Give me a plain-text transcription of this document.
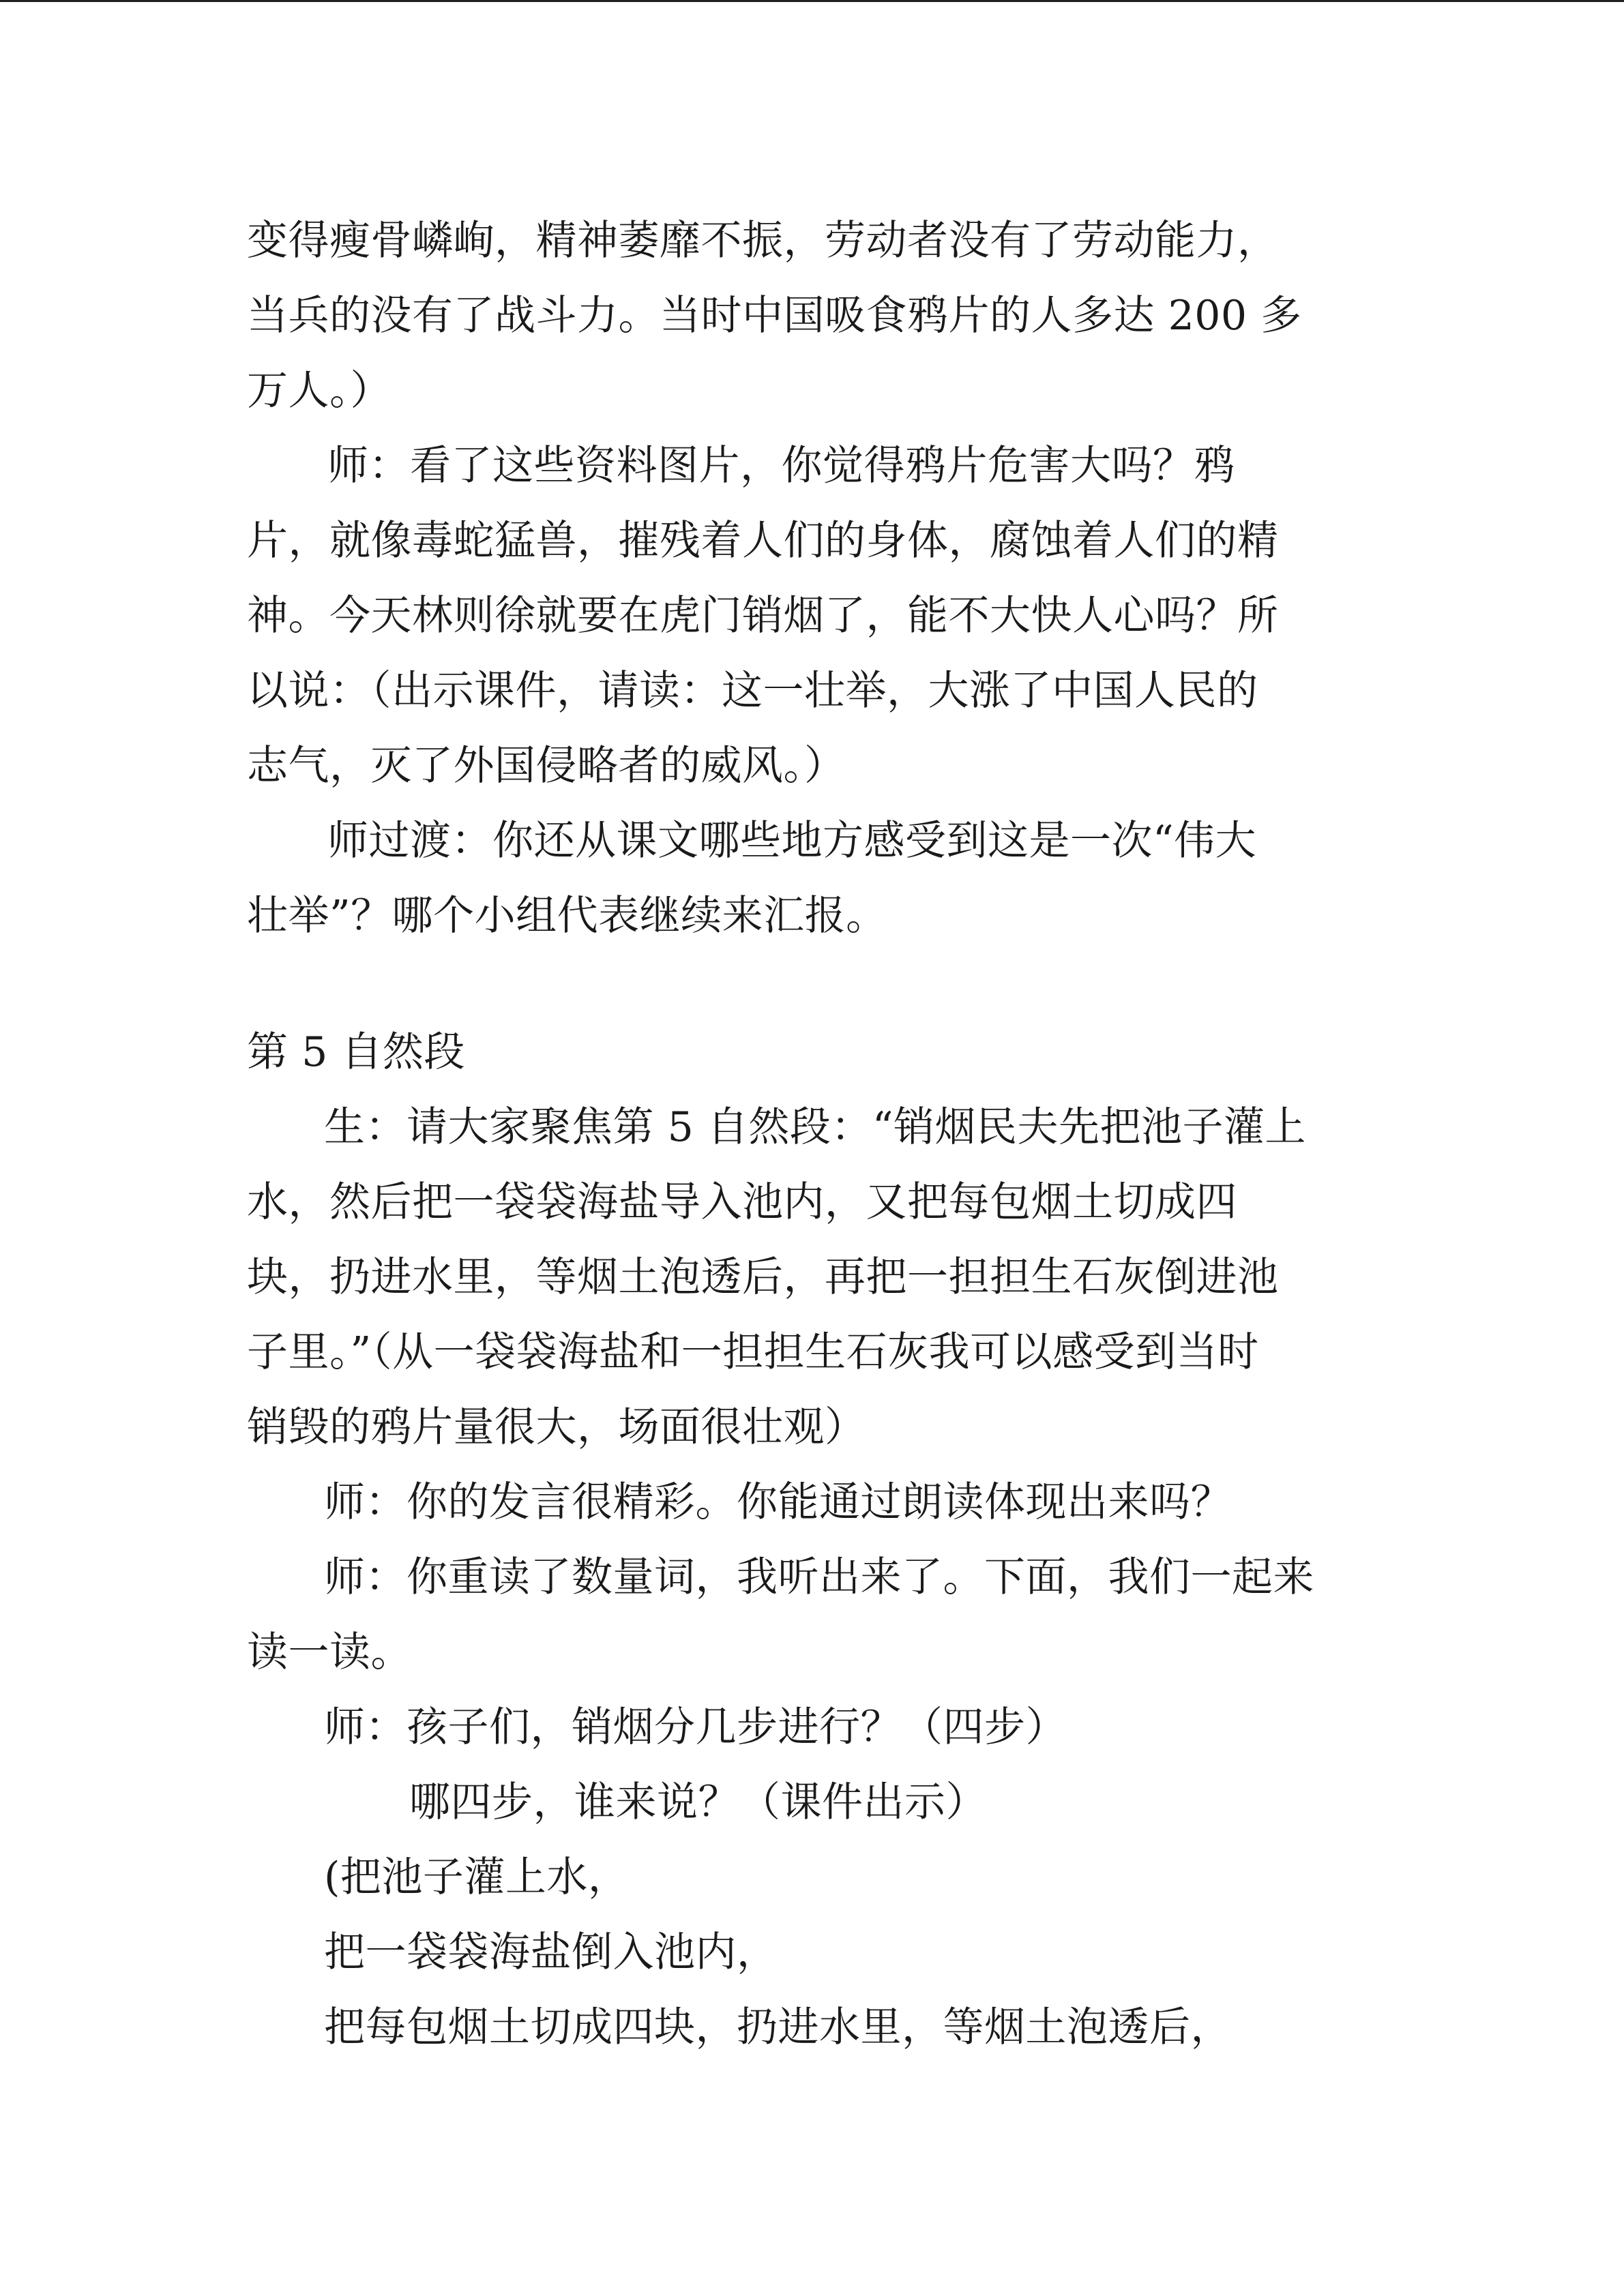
变得瘦骨嶙峋，精神萎靡不振，劳动者没有了劳动能力，
当兵的没有了战斗力。当时中国吸食鸦片的人多达 200 多
万人。）
师：看了这些资料图片，你觉得鸦片危害大吗？鸦
片，就像毒蛇猛兽，摧残着人们的身体，腐蚀着人们的精
神。今天林则徐就要在虎门销烟了，能不大快人心吗？所
以说：（出示课件，请读：这一壮举，大涨了中国人民的
志气，灭了外国侵略者的威风。）
师过渡：你还从课文哪些地方感受到这是一次“伟大
壮举”？哪个小组代表继续来汇报。
第 5 自然段
生：请大家聚焦第 5 自然段：“销烟民夫先把池子灌上
水，然后把一袋袋海盐导入池内，又把每包烟土切成四
块，扔进水里，等烟土泡透后，再把一担担生石灰倒进池
子里。”（从一袋袋海盐和一担担生石灰我可以感受到当时
销毁的鸦片量很大，场面很壮观）
师：你的发言很精彩。你能通过朗读体现出来吗？
师：你重读了数量词，我听出来了。下面，我们一起来
读一读。
师：孩子们，销烟分几步进行？（四步）
哪四步，谁来说？（课件出示）
(把池子灌上水，
把一袋袋海盐倒入池内，
把每包烟土切成四块，扔进水里，等烟土泡透后，
